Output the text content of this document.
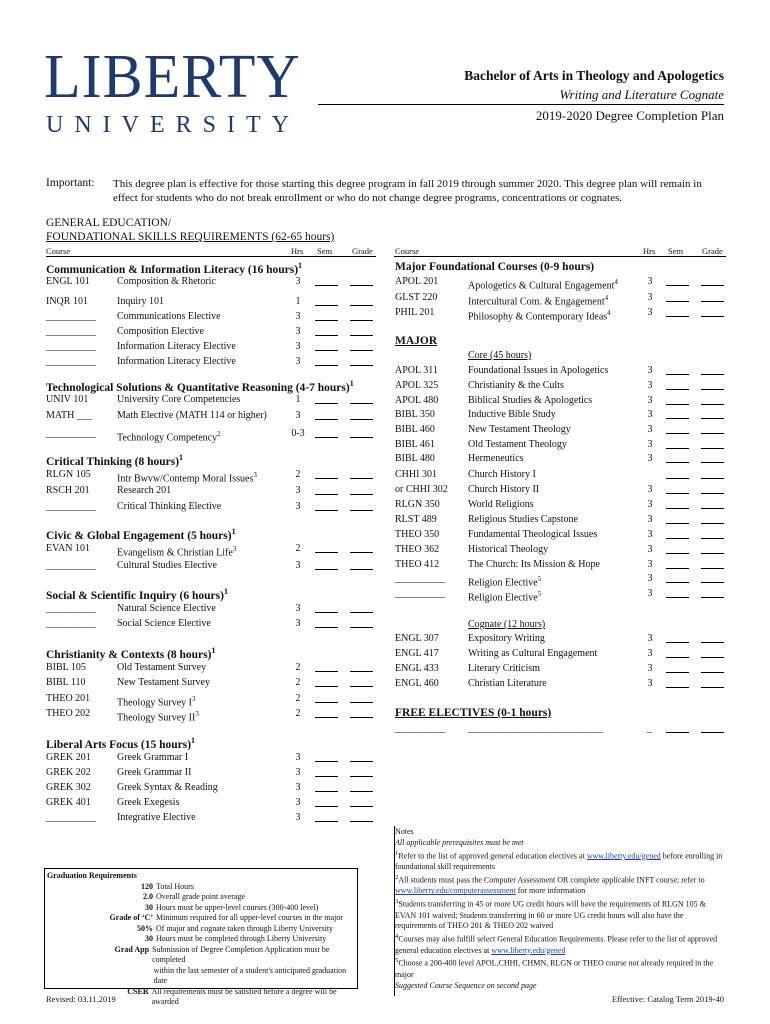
LIBERTY
UNIVERSITY
Bachelor of Arts in Theology and Apologetics
Writing and Literature Cognate
2019-2020 Degree Completion Plan
Important: This degree plan is effective for those starting this degree program in fall 2019 through summer 2020. This degree plan will remain in effect for students who do not break enrollment or who do not change degree programs, concentrations or cognates.
GENERAL EDUCATION/
FOUNDATIONAL SKILLS REQUIREMENTS (62-65 hours)
Course	Hrs Sem Grade	Course	Hrs Sem Grade
Communication & Information Literacy (16 hours)$^1$
ENGL 101	Composition & Rhetoric	3
INQR 101	Inquiry 101	1
__________ Communications Elective	3
__________ Composition Elective	3
__________ Information Literacy Elective	3
__________ Information Literacy Elective	3
Technological Solutions & Quantitative Reasoning (4-7 hours)$^1$
UNIV 101	University Core Competencies	1
MATH ___	Math Elective (MATH 114 or higher)	3
__________ Technology Competency$^2$	0-3
Critical Thinking (8 hours)$^1$
RLGN 105	Intr Bwvw/Contemp Moral Issues$^3$	2
RSCH 201	Research 201	3
__________ Critical Thinking Elective	3
Civic & Global Engagement (5 hours)$^1$
EVAN 101	Evangelism & Christian Life$^3$	2
__________ Cultural Studies Elective	3
Social & Scientific Inquiry (6 hours)$^1$
__________ Natural Science Elective	3
__________ Social Science Elective	3
Christianity & Contexts (8 hours)$^1$
BIBL 105	Old Testament Survey	2
BIBL 110	New Testament Survey	2
THEO 201	Theology Survey $I^3$	2
THEO 202	Theology Survey $II^3$	2
Liberal Arts Focus (15 hours)$^1$
GREK 201	Greek Grammar I	3
GREK 202	Greek Grammar II	3
GREK 302	Greek Syntax & Reading	3
GREK 401	Greek Exegesis	3
__________ Integrative Elective	3
APOL 201	Apologetics & Cultural Engagement$^4$	3
GLST 220	Intercultural Com. & Engagement$^4$	3
PHIL 201	Philosophy & Contemporary Ideas$^4$	3
APOL 311	Foundational Issues in Apologetics	3
APOL 325	Christianity & the Cults	3
APOL 480	Biblical Studies & Apologetics	3
BIBL 350	Inductive Bible Study	3
BIBL 460	New Testament Theology	3
BIBL 461	Old Testament Theology	3
BIBL 480	Hermeneutics	3
CHHI 301	Church History I
or CHHI 302 Church History II	3
RLGN 350	World Religions	3
RLST 489	Religious Studies Capstone	3
THEO 350	Fundamental Theological Issues	3
THEO 362	Historical Theology	3
THEO 412	The Church: Its Mission & Hope	3
__________ Religion Elective$^5$	3
__________ Religion Elective$^5$	3
ENGL 307	Expository Writing	3
ENGL 417	Writing as Cultural Engagement	3
ENGL 433	Literary Criticism	3
ENGL 460	Christian Literature	3
Major Foundational Courses (0-9 hours)
MAJOR
Core (45 hours)
Cognate (12 hours)
FREE ELECTIVES (0-1 hours)
__________ ___________________________	_
Notes
All applicable prerequisites must be met
$^1$Refer to the list of approved general education electives at www.liberty.edu/gened before enrolling in foundational skill requirements
$^2$All students must pass the Computer Assessment OR complete applicable INFT course; refer to www.liberty.edu/computerassessment for more information
$^3$Students transferring in 45 or more UG credit hours will have the requirements of RLGN 105 & EVAN 101 waived; Students transferring in 60 or more UG credit hours will also have the requirements of THEO 201 & THEO 202 waived
$^4$Courses may also fulfill select General Education Requirements. Please refer to the list of approved general education electives at www.liberty.edu/gened
$^5$Choose a 200-400 level APOL,CHHI, CHMN, RLGN or THEO course not already required in the major
Suggested Course Sequence on second page
Graduation Requirements
120 Total Hours
2.0 Overall grade point average
30 Hours must be upper-level courses (300-400 level)
Grade of ‘C’ Minimum required for all upper-level courses in the major
50% Of major and cognate taken through Liberty University
30 Hours must be completed through Liberty University
Grad App Submission of Degree Completion Application must be completed
within the last semester of a student's anticipated graduation date
CSER All requirements must be satisfied before a degree will be awarded
Revised: 03.11.2019	Effective: Catalog Term 2019-40
